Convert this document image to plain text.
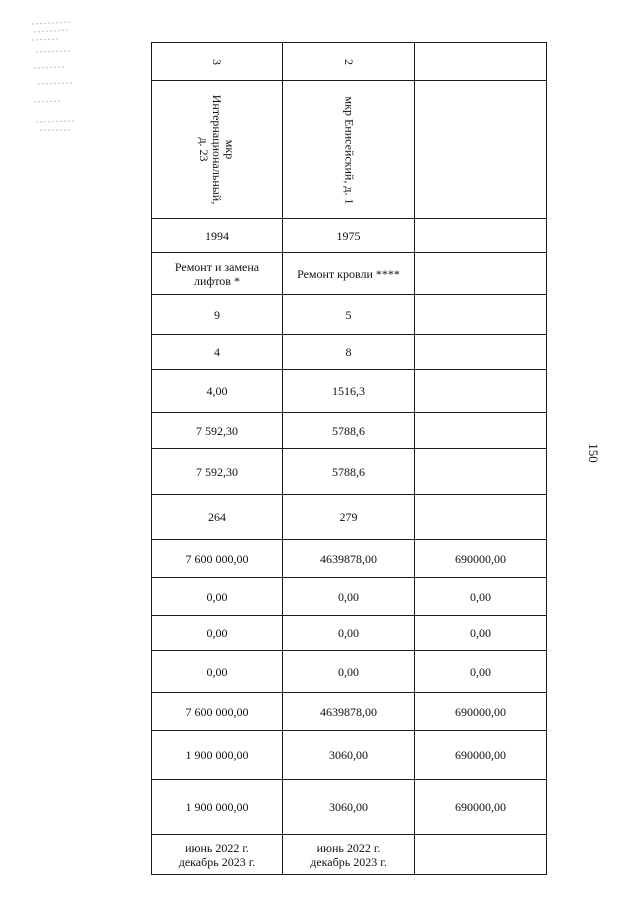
150
3	2	

мкр
Интернациональный,
д. 23	мкр Енисейский, д. 1	

1994	1975	

Ремонт и замена
лифтов *	Ремонт кровли ****	

9	5	
4	8	
4,00	1516,3	
7 592,30	5788,6	
7 592,30	5788,6	
264	279	
7 600 000,00	4639878,00	690000,00
0,00	0,00	0,00
0,00	0,00	0,00
0,00	0,00	0,00
7 600 000,00	4639878,00	690000,00
1 900 000,00	3060,00	690000,00
1 900 000,00	3060,00	690000,00

июнь 2022 г.
декабрь 2023 г.	июнь 2022 г.
декабрь 2023 г.	
